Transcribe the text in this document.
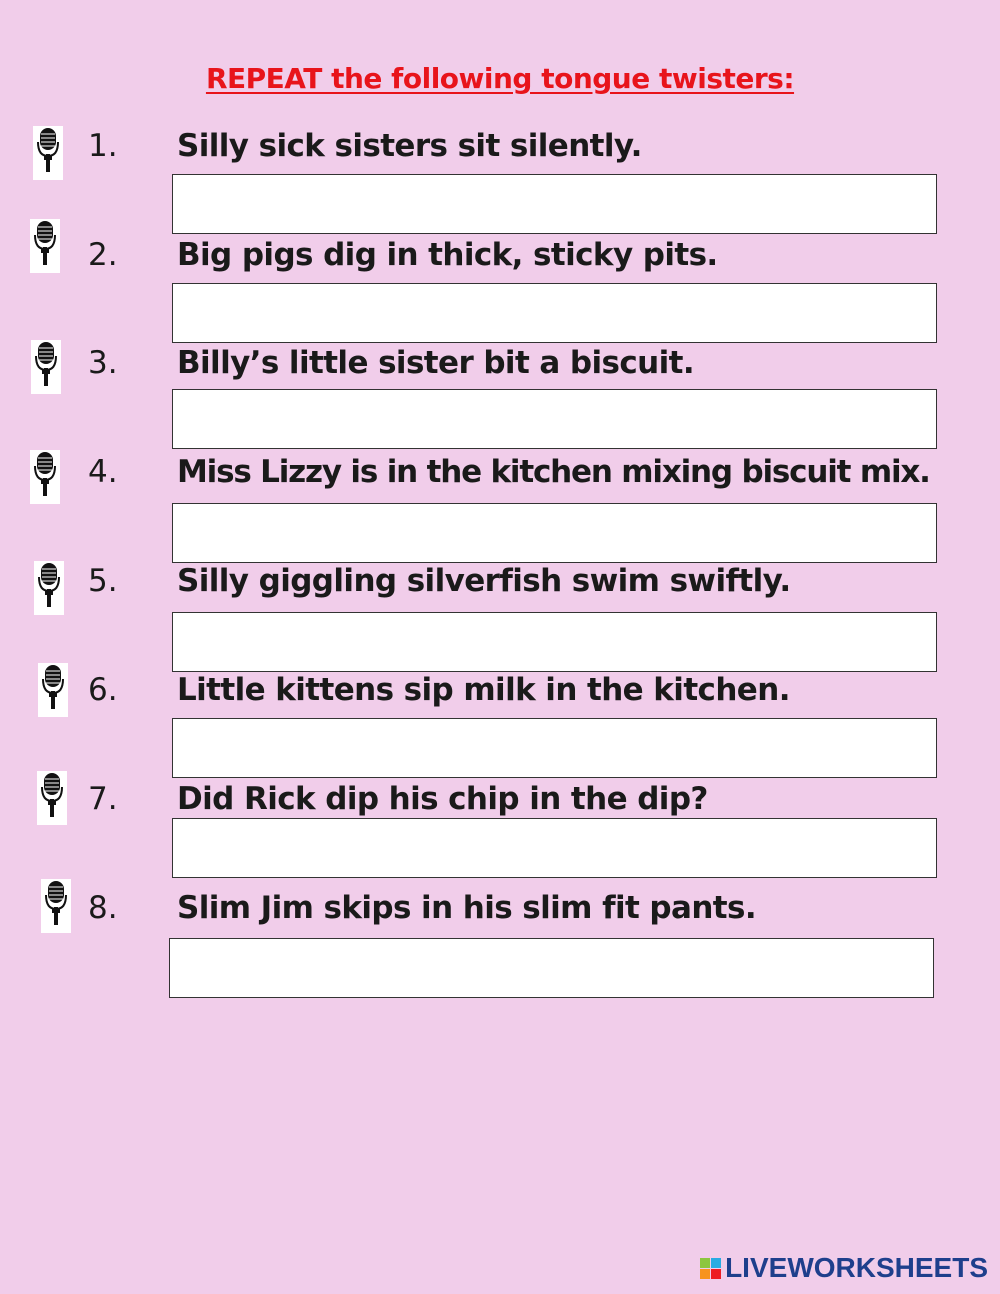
REPEAT the following tongue twisters:
1. Silly sick sisters sit silently.
2. Big pigs dig in thick, sticky pits.
3. Billy’s little sister bit a biscuit.
4. Miss Lizzy is in the kitchen mixing biscuit mix.
5. Silly giggling silverfish swim swiftly.
6. Little kittens sip milk in the kitchen.
7. Did Rick dip his chip in the dip?
8. Slim Jim skips in his slim fit pants.
LIVEWORKSHEETS
